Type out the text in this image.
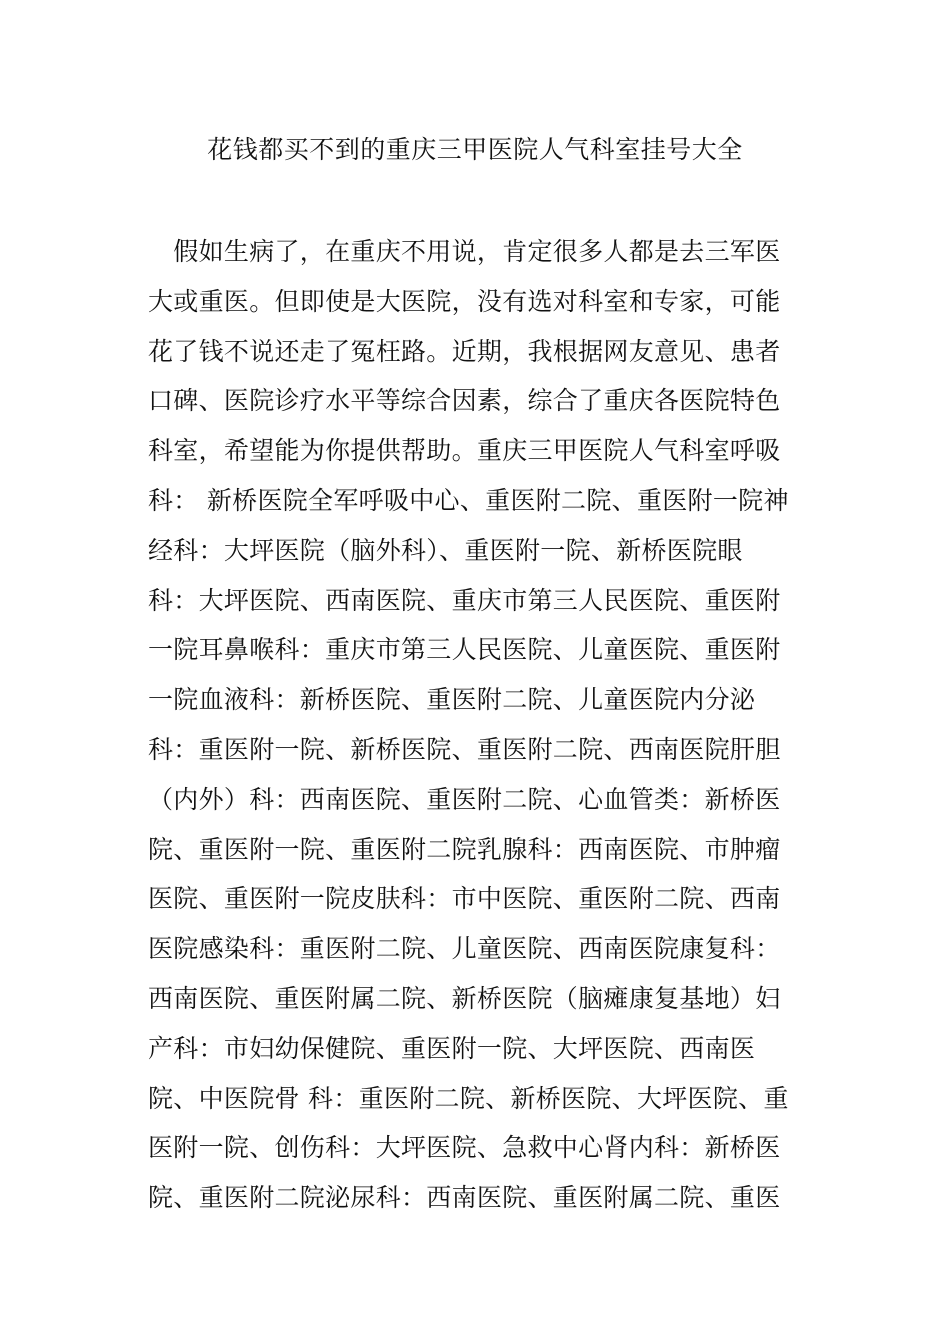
花钱都买不到的重庆三甲医院人气科室挂号大全
　假如生病了，在重庆不用说，肯定很多人都是去三军医
大或重医。但即使是大医院，没有选对科室和专家，可能
花了钱不说还走了冤枉路。近期，我根据网友意见、患者
口碑、医院诊疗水平等综合因素，综合了重庆各医院特色
科室，希望能为你提供帮助。重庆三甲医院人气科室呼吸
科： 新桥医院全军呼吸中心、重医附二院、重医附一院神
经科：大坪医院（脑外科）、重医附一院、新桥医院眼
科：大坪医院、西南医院、重庆市第三人民医院、重医附
一院耳鼻喉科：重庆市第三人民医院、儿童医院、重医附
一院血液科：新桥医院、重医附二院、儿童医院内分泌
科：重医附一院、新桥医院、重医附二院、西南医院肝胆
（内外）科：西南医院、重医附二院、心血管类：新桥医
院、重医附一院、重医附二院乳腺科：西南医院、市肿瘤
医院、重医附一院皮肤科：市中医院、重医附二院、西南
医院感染科：重医附二院、儿童医院、西南医院康复科：
西南医院、重医附属二院、新桥医院（脑瘫康复基地）妇
产科：市妇幼保健院、重医附一院、大坪医院、西南医
院、中医院骨 科：重医附二院、新桥医院、大坪医院、重
医附一院、创伤科：大坪医院、急救中心肾内科：新桥医
院、重医附二院泌尿科：西南医院、重医附属二院、重医
